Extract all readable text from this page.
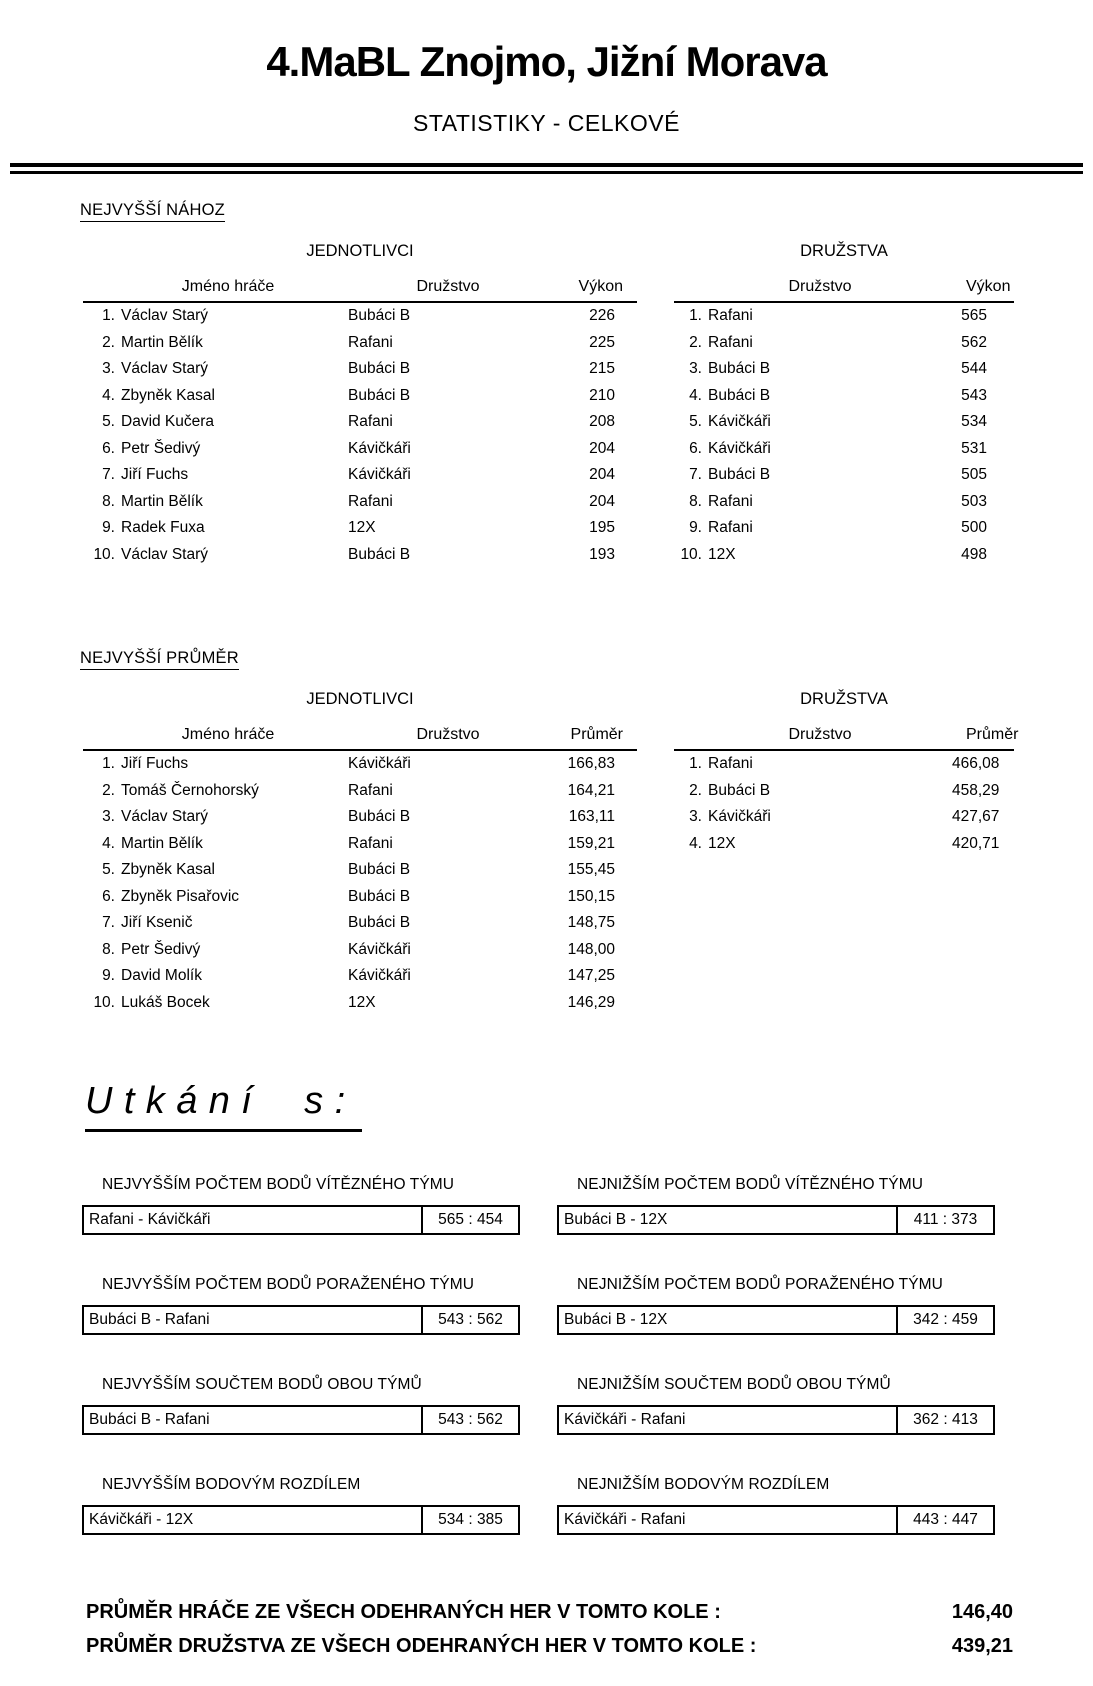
4.MaBL Znojmo, Jižní Morava
STATISTIKY - CELKOVÉ
NEJVYŠŠÍ NÁHOZ
JEDNOTLIVCI
Jméno hráče	Družstvo	Výkon
1. Václav Starý	Bubáci B	226
2. Martin Bělík	Rafani	225
3. Václav Starý	Bubáci B	215
4. Zbyněk Kasal	Bubáci B	210
5. David Kučera	Rafani	208
6. Petr Šedivý	Kávičkáři	204
7. Jiří Fuchs	Kávičkáři	204
8. Martin Bělík	Rafani	204
9. Radek Fuxa	12X	195
10. Václav Starý	Bubáci B	193
DRUŽSTVA
Družstvo	Výkon
1. Rafani	565
2. Rafani	562
3. Bubáci B	544
4. Bubáci B	543
5. Kávičkáři	534
6. Kávičkáři	531
7. Bubáci B	505
8. Rafani	503
9. Rafani	500
10. 12X	498
NEJVYŠŠÍ PRŮMĚR
JEDNOTLIVCI
Jméno hráče	Družstvo	Průměr
1. Jiří Fuchs	Kávičkáři	166,83
2. Tomáš Černohorský	Rafani	164,21
3. Václav Starý	Bubáci B	163,11
4. Martin Bělík	Rafani	159,21
5. Zbyněk Kasal	Bubáci B	155,45
6. Zbyněk Pisařovic	Bubáci B	150,15
7. Jiří Ksenič	Bubáci B	148,75
8. Petr Šedivý	Kávičkáři	148,00
9. David Molík	Kávičkáři	147,25
10. Lukáš Bocek	12X	146,29
DRUŽSTVA
Družstvo	Průměr
1. Rafani	466,08
2. Bubáci B	458,29
3. Kávičkáři	427,67
4. 12X	420,71
Utkání s:
NEJVYŠŠÍM POČTEM BODŮ VÍTĚZNÉHO TÝMU
Rafani - Kávičkáři	565 : 454
NEJNIŽŠÍM POČTEM BODŮ VÍTĚZNÉHO TÝMU
Bubáci B - 12X	411 : 373
NEJVYŠŠÍM POČTEM BODŮ PORAŽENÉHO TÝMU
Bubáci B - Rafani	543 : 562
NEJNIŽŠÍM POČTEM BODŮ PORAŽENÉHO TÝMU
Bubáci B - 12X	342 : 459
NEJVYŠŠÍM SOUČTEM BODŮ OBOU TÝMŮ
Bubáci B - Rafani	543 : 562
NEJNIŽŠÍM SOUČTEM BODŮ OBOU TÝMŮ
Kávičkáři - Rafani	362 : 413
NEJVYŠŠÍM BODOVÝM ROZDÍLEM
Kávičkáři - 12X	534 : 385
NEJNIŽŠÍM BODOVÝM ROZDÍLEM
Kávičkáři - Rafani	443 : 447
PRŮMĚR HRÁČE ZE VŠECH ODEHRANÝCH HER V TOMTO KOLE :	146,40
PRŮMĚR DRUŽSTVA ZE VŠECH ODEHRANÝCH HER V TOMTO KOLE :	439,21
